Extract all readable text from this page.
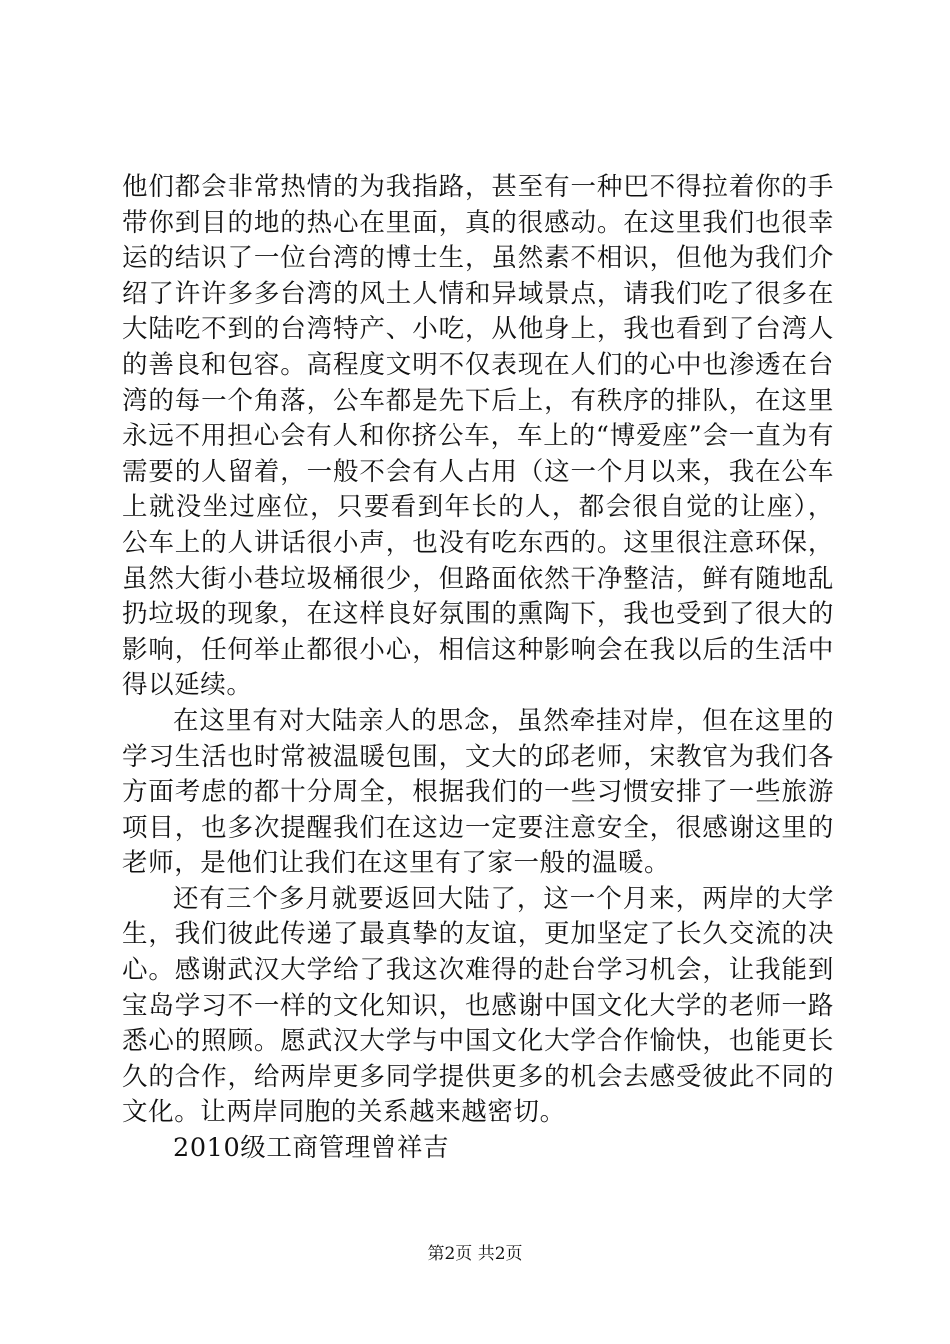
他们都会非常热情的为我指路，甚至有一种巴不得拉着你的手带你到目的地的热心在里面，真的很感动。在这里我们也很幸运的结识了一位台湾的博士生，虽然素不相识，但他为我们介绍了许许多多台湾的风土人情和异域景点，请我们吃了很多在大陆吃不到的台湾特产、小吃，从他身上，我也看到了台湾人的善良和包容。高程度文明不仅表现在人们的心中也渗透在台湾的每一个角落，公车都是先下后上，有秩序的排队，在这里永远不用担心会有人和你挤公车，车上的“博爱座”会一直为有需要的人留着，一般不会有人占用（这一个月以来，我在公车上就没坐过座位，只要看到年长的人，都会很自觉的让座），公车上的人讲话很小声，也没有吃东西的。这里很注意环保，虽然大街小巷垃圾桶很少，但路面依然干净整洁，鲜有随地乱扔垃圾的现象，在这样良好氛围的熏陶下，我也受到了很大的影响，任何举止都很小心，相信这种影响会在我以后的生活中得以延续。

在这里有对大陆亲人的思念，虽然牵挂对岸，但在这里的学习生活也时常被温暖包围，文大的邱老师，宋教官为我们各方面考虑的都十分周全，根据我们的一些习惯安排了一些旅游项目，也多次提醒我们在这边一定要注意安全，很感谢这里的老师，是他们让我们在这里有了家一般的温暖。

还有三个多月就要返回大陆了，这一个月来，两岸的大学生，我们彼此传递了最真挚的友谊，更加坚定了长久交流的决心。感谢武汉大学给了我这次难得的赴台学习机会，让我能到宝岛学习不一样的文化知识，也感谢中国文化大学的老师一路悉心的照顾。愿武汉大学与中国文化大学合作愉快，也能更长久的合作，给两岸更多同学提供更多的机会去感受彼此不同的文化。让两岸同胞的关系越来越密切。

2010级工商管理曾祥吉

第2页 共2页
